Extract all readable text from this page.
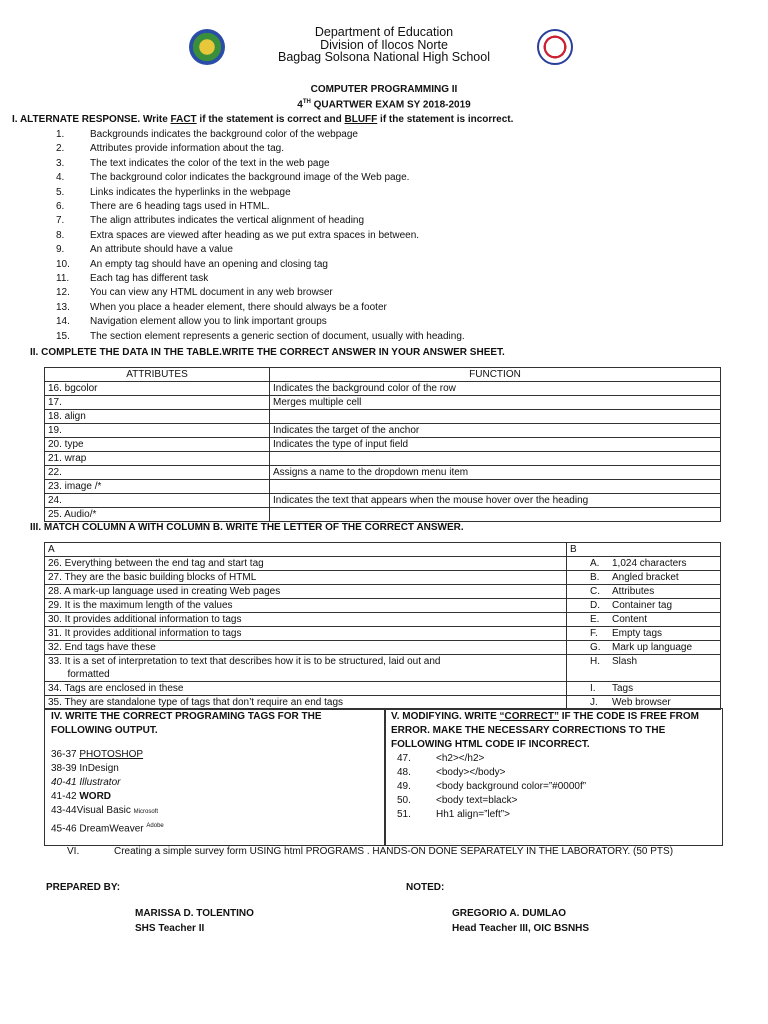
Department of Education
Division of Ilocos Norte
Bagbag Solsona National High School
COMPUTER PROGRAMMING II
4TH QUARTWER EXAM SY 2018-2019
I. ALTERNATE RESPONSE. Write FACT if the statement is correct and BLUFF if the statement is incorrect.
1.	Backgrounds indicates the background color of the webpage
2.	Attributes provide information about the tag.
3.	The text indicates the color of the text in the web page
4.	The background color indicates the background image of the Web page.
5.	Links indicates the hyperlinks in the webpage
6.	There are 6 heading tags used in HTML.
7.	The align attributes indicates the vertical alignment of heading
8.	Extra spaces are viewed after heading as we put extra spaces in between.
9.	An attribute should have a value
10.	An empty tag should have an opening and closing tag
11.	Each tag has different task
12.	You can view any HTML document in any web browser
13.	When you place a header element, there should always be a footer
14.	Navigation element allow you to link important groups
15.	The section element represents a generic section of document, usually with heading.
II. COMPLETE THE DATA IN THE TABLE.WRITE THE CORRECT ANSWER IN YOUR ANSWER SHEET.
ATTRIBUTES	FUNCTION
16. bgcolor	Indicates the background color of the row
17.	Merges multiple cell
18. align	
19.	Indicates the target of the anchor
20. type	Indicates the type of input field
21. wrap	
22.	Assigns a name to the dropdown menu item
23. image /*	
24.	Indicates the text that appears when the mouse hover over the heading
25. Audio/*	
III. MATCH COLUMN A WITH COLUMN B. WRITE THE LETTER OF THE CORRECT ANSWER.
A	B

26. Everything between the end tag and start tag	A. 1,024 characters

27. They are the basic building blocks of HTML	B. Angled bracket

28. A mark-up language used in creating Web pages	C. Attributes

29. It is the maximum length of the values	D. Container tag

30. It provides additional information to tags	E. Content

31. It provides additional information to tags	F. Empty tags

32. End tags have these	G. Mark up language

33. It is a set of interpretation to text that describes how it is to be structured, laid out and
formatted	H. Slash

34. Tags are enclosed in these	I. Tags

35. They are standalone type of tags that don’t require an end tags	J. Web browser
IV. WRITE THE CORRECT PROGRAMING TAGS FOR THE
FOLLOWING OUTPUT.
36-37 PHOTOSHOP
38-39 InDesign
40-41 Illustrator
41-42 WORD
43-44Visual Basic Microsoft
45-46 DreamWeaver $^{Adobe}$
V. MODIFYING. WRITE “CORRECT” IF THE CODE IS FREE FROM
ERROR. MAKE THE NECESSARY CORRECTIONS TO THE
FOLLOWING HTML CODE IF INCORRECT.
47.	<h2></h2>
48.	<body></body>
49.	<body background color=”#0000f”
50.	<body text=black>
51.	Hh1 align=”left”>
VI.	Creating a simple survey form USING html PROGRAMS . HANDS-ON DONE SEPARATELY IN THE LABORATORY. (50 PTS)
PREPARED BY:	NOTED:
MARISSA D. TOLENTINO
SHS Teacher II
GREGORIO A. DUMLAO
Head Teacher III, OIC BSNHS
